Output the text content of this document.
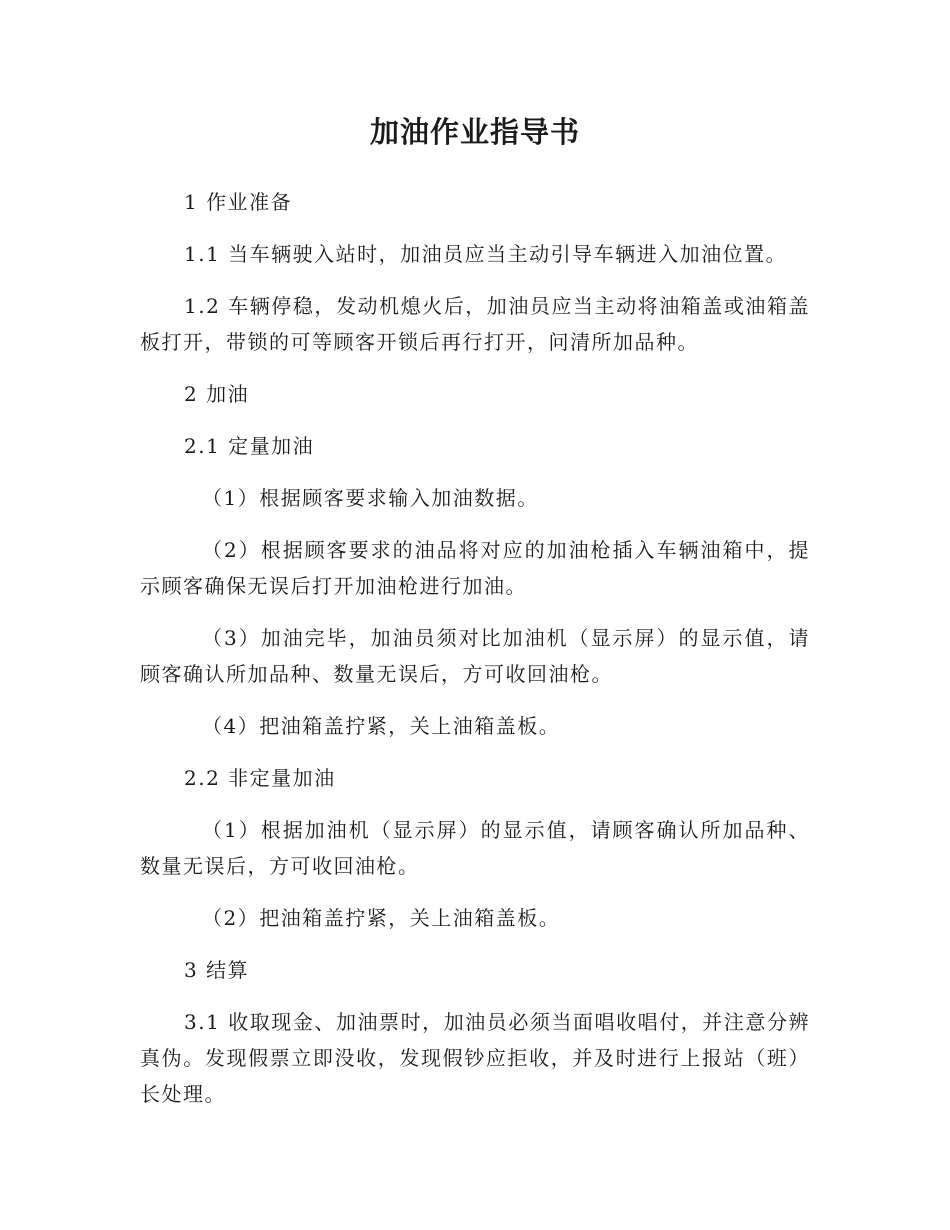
加油作业指导书

1 作业准备

1.1 当车辆驶入站时，加油员应当主动引导车辆进入加油位置。

1.2 车辆停稳，发动机熄火后，加油员应当主动将油箱盖或油箱盖板打开，带锁的可等顾客开锁后再行打开，问清所加品种。

2 加油

2.1 定量加油

（1）根据顾客要求输入加油数据。

（2）根据顾客要求的油品将对应的加油枪插入车辆油箱中，提示顾客确保无误后打开加油枪进行加油。

（3）加油完毕，加油员须对比加油机（显示屏）的显示值，请顾客确认所加品种、数量无误后，方可收回油枪。

（4）把油箱盖拧紧，关上油箱盖板。

2.2 非定量加油

（1）根据加油机（显示屏）的显示值，请顾客确认所加品种、数量无误后，方可收回油枪。

（2）把油箱盖拧紧，关上油箱盖板。

3 结算

3.1 收取现金、加油票时，加油员必须当面唱收唱付，并注意分辨真伪。发现假票立即没收，发现假钞应拒收，并及时进行上报站（班）长处理。
